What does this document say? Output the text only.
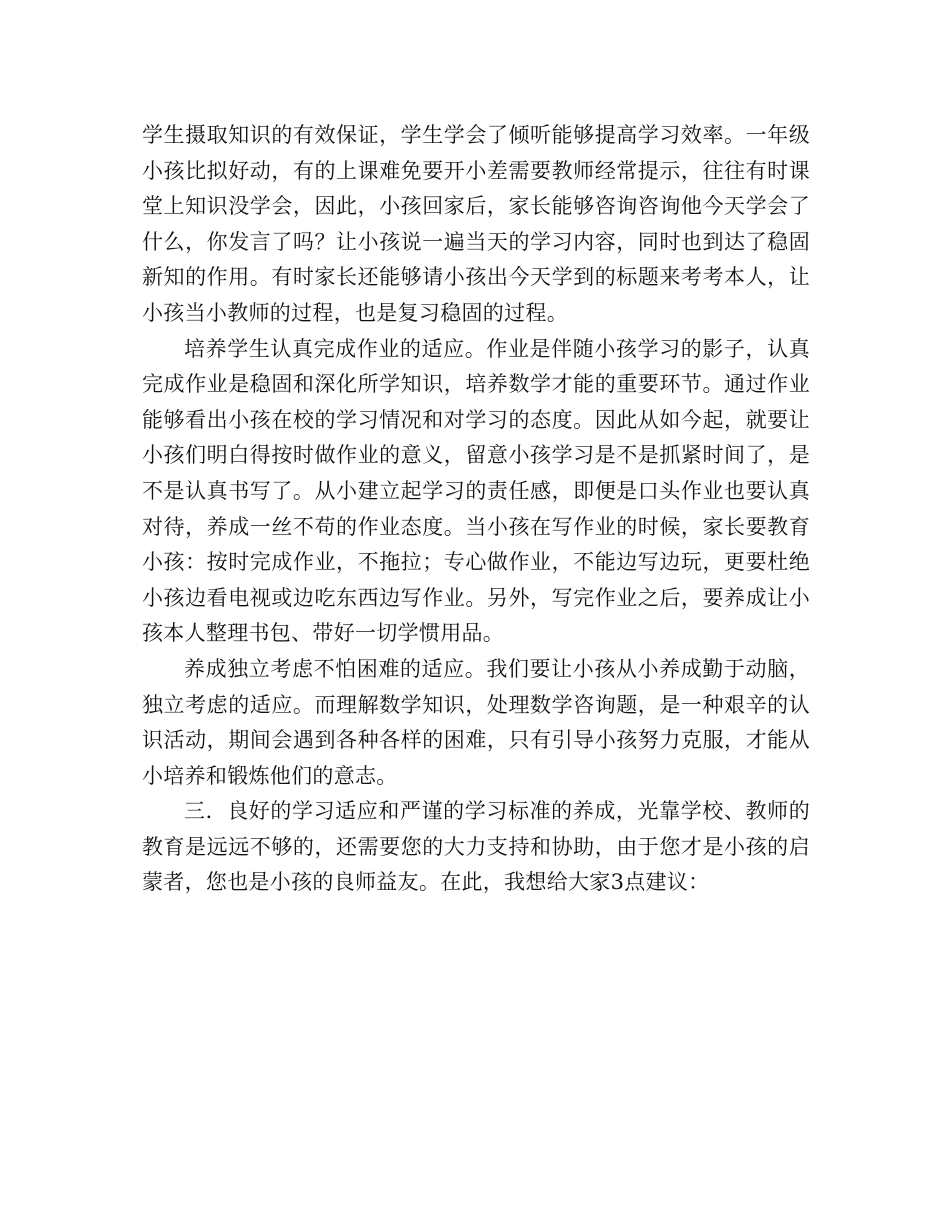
学生摄取知识的有效保证，学生学会了倾听能够提高学习效率。一年级小孩比拟好动，有的上课难免要开小差需要教师经常提示，往往有时课堂上知识没学会，因此，小孩回家后，家长能够咨询咨询他今天学会了什么，你发言了吗？让小孩说一遍当天的学习内容，同时也到达了稳固新知的作用。有时家长还能够请小孩出今天学到的标题来考考本人，让小孩当小教师的过程，也是复习稳固的过程。

培养学生认真完成作业的适应。作业是伴随小孩学习的影子，认真完成作业是稳固和深化所学知识，培养数学才能的重要环节。通过作业能够看出小孩在校的学习情况和对学习的态度。因此从如今起，就要让小孩们明白得按时做作业的意义，留意小孩学习是不是抓紧时间了，是不是认真书写了。从小建立起学习的责任感，即便是口头作业也要认真对待，养成一丝不苟的作业态度。当小孩在写作业的时候，家长要教育小孩：按时完成作业，不拖拉；专心做作业，不能边写边玩，更要杜绝小孩边看电视或边吃东西边写作业。另外，写完作业之后，要养成让小孩本人整理书包、带好一切学惯用品。

养成独立考虑不怕困难的适应。我们要让小孩从小养成勤于动脑，独立考虑的适应。而理解数学知识，处理数学咨询题，是一种艰辛的认识活动，期间会遇到各种各样的困难，只有引导小孩努力克服，才能从小培养和锻炼他们的意志。

三．良好的学习适应和严谨的学习标准的养成，光靠学校、教师的教育是远远不够的，还需要您的大力支持和协助，由于您才是小孩的启蒙者，您也是小孩的良师益友。在此，我想给大家3点建议：
